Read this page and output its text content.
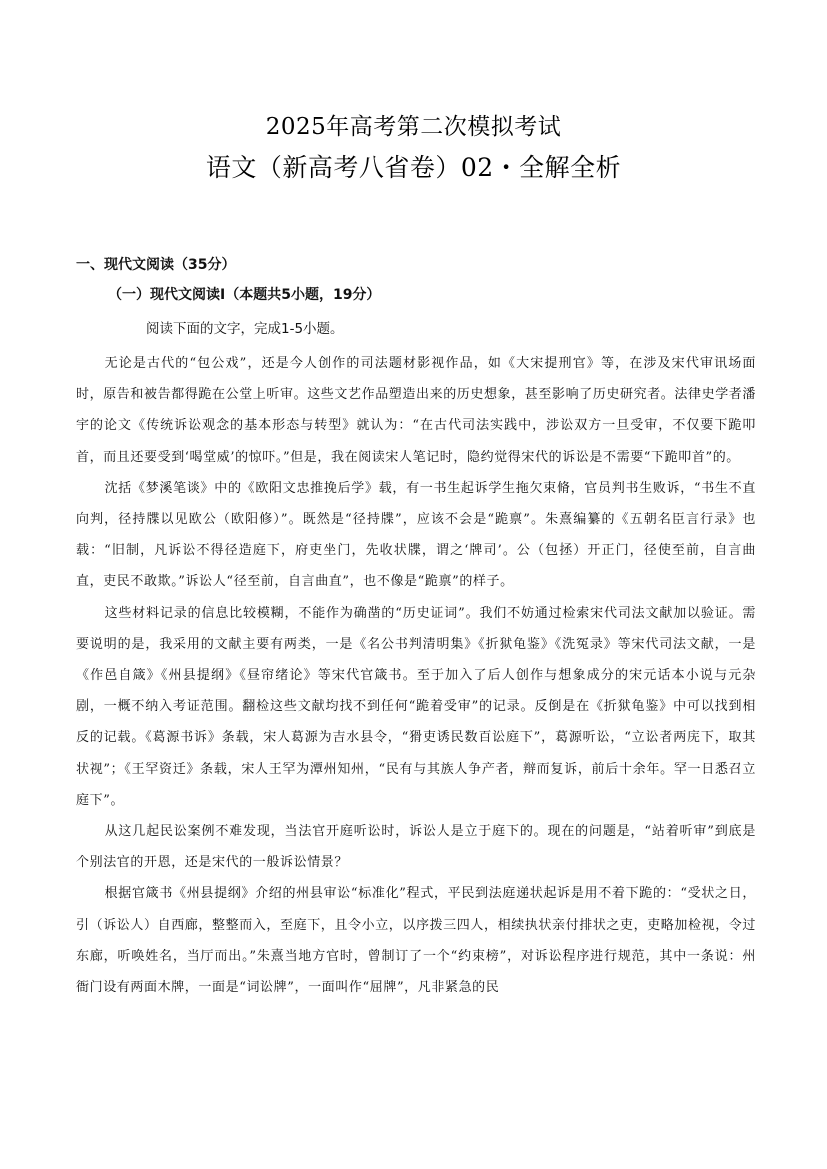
2025年高考第二次模拟考试
语文（新高考八省卷）02・全解全析
一、现代文阅读（35分）
（一）现代文阅读Ⅰ（本题共5小题，19分）
阅读下面的文字，完成1-5小题。

无论是古代的“包公戏”，还是今人创作的司法题材影视作品，如《大宋提刑官》等，在涉及宋代审讯场面时，原告和被告都得跪在公堂上听审。这些文艺作品塑造出来的历史想象，甚至影响了历史研究者。法律史学者潘宇的论文《传统诉讼观念的基本形态与转型》就认为：“在古代司法实践中，涉讼双方一旦受审，不仅要下跪叩首，而且还要受到‘喝堂威’的惊吓。”但是，我在阅读宋人笔记时，隐约觉得宋代的诉讼是不需要“下跪叩首”的。

沈括《梦溪笔谈》中的《欧阳文忠推挽后学》载，有一书生起诉学生拖欠束脩，官员判书生败诉，“书生不直向判，径持牒以见欧公（欧阳修）”。既然是“径持牒”，应该不会是“跪禀”。朱熹编纂的《五朝名臣言行录》也载：“旧制，凡诉讼不得径造庭下，府吏坐门，先收状牒，谓之‘牌司’。公（包拯）开正门，径使至前，自言曲直，吏民不敢欺。”诉讼人“径至前，自言曲直”，也不像是“跪禀”的样子。

这些材料记录的信息比较模糊，不能作为确凿的“历史证词”。我们不妨通过检索宋代司法文献加以验证。需要说明的是，我采用的文献主要有两类，一是《名公书判清明集》《折狱龟鉴》《洗冤录》等宋代司法文献，一是《作邑自箴》《州县提纲》《昼帘绪论》等宋代官箴书。至于加入了后人创作与想象成分的宋元话本小说与元杂剧，一概不纳入考证范围。翻检这些文献均找不到任何“跪着受审”的记录。反倒是在《折狱龟鉴》中可以找到相反的记载。《葛源书诉》条载，宋人葛源为吉水县令，“猾吏诱民数百讼庭下”，葛源听讼，“立讼者两庑下，取其状视”；《王罕资迁》条载，宋人王罕为潭州知州，“民有与其族人争产者，辩而复诉，前后十余年。罕一日悉召立庭下”。

从这几起民讼案例不难发现，当法官开庭听讼时，诉讼人是立于庭下的。现在的问题是，“站着听审”到底是个别法官的开恩，还是宋代的一般诉讼情景？

根据官箴书《州县提纲》介绍的州县审讼“标准化”程式，平民到法庭递状起诉是用不着下跪的：“受状之日，引（诉讼人）自西廊，整整而入，至庭下，且令小立，以序拨三四人，相续执状亲付排状之吏，吏略加检视，令过东廊，听唤姓名，当厅而出。”朱熹当地方官时，曾制订了一个“约束榜”，对诉讼程序进行规范，其中一条说：州衙门设有两面木牌，一面是“词讼牌”，一面叫作“屈牌”，凡非紧急的民
